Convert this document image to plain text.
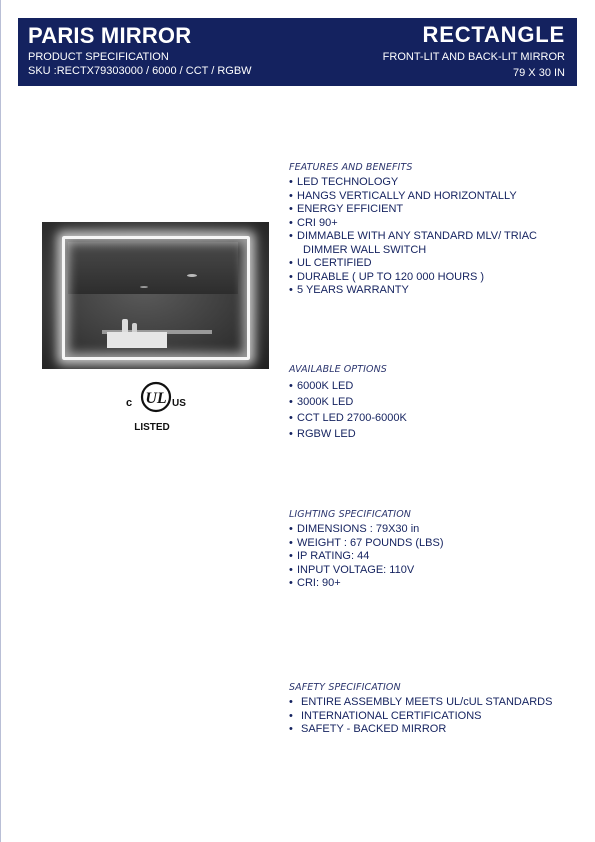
PARIS MIRROR
PRODUCT SPECIFICATION
SKU :RECTX79303000 / 6000 / CCT / RGBW
RECTANGLE
FRONT-LIT AND BACK-LIT MIRROR
79 X 30 IN
UL
c	US
LISTED
FEATURES AND BENEFITS
• LED TECHNOLOGY
• HANGS VERTICALLY AND HORIZONTALLY
• ENERGY EFFICIENT
• CRI 90+
• DIMMABLE WITH ANY STANDARD MLV/ TRIAC
DIMMER WALL SWITCH
• UL CERTIFIED
• DURABLE ( UP TO 120 000 HOURS )
• 5 YEARS WARRANTY
AVAILABLE OPTIONS
• 6000K LED
• 3000K LED
• CCT LED 2700-6000K
• RGBW LED
LIGHTING SPECIFICATION
• DIMENSIONS : 79X30 in
• WEIGHT : 67 POUNDS (LBS)
• IP RATING: 44
• INPUT VOLTAGE: 110V
• CRI: 90+
SAFETY SPECIFICATION
• ENTIRE ASSEMBLY MEETS UL/cUL STANDARDS
• INTERNATIONAL CERTIFICATIONS
• SAFETY - BACKED MIRROR
